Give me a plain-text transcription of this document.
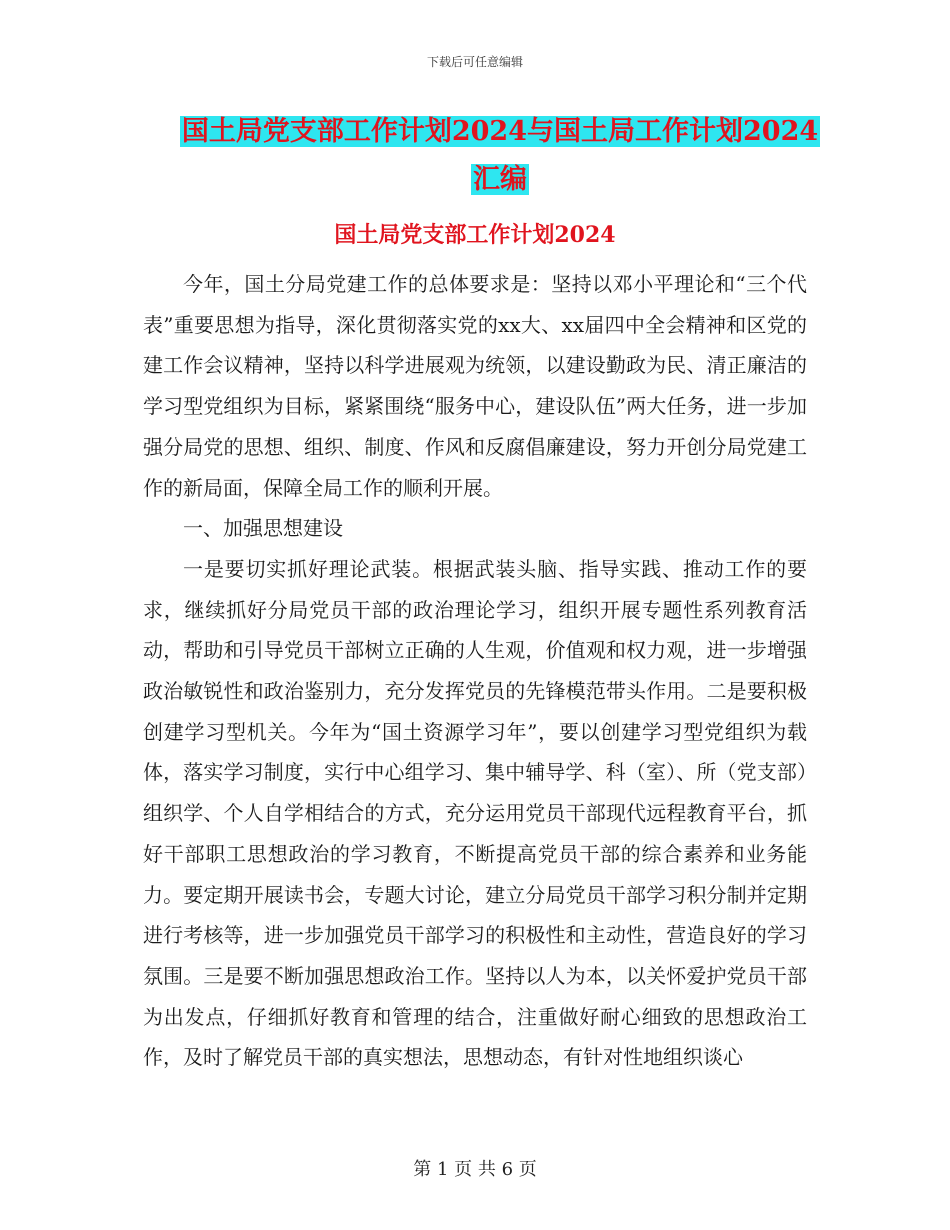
下载后可任意编辑
国土局党支部工作计划2024与国土局工作计划2024
汇编
国土局党支部工作计划2024

今年，国土分局党建工作的总体要求是：坚持以邓小平理论和“三个代表”重要思想为指导，深化贯彻落实党的xx大、xx届四中全会精神和区党的建工作会议精神，坚持以科学进展观为统领，以建设勤政为民、清正廉洁的学习型党组织为目标，紧紧围绕“服务中心，建设队伍”两大任务，进一步加强分局党的思想、组织、制度、作风和反腐倡廉建设，努力开创分局党建工作的新局面，保障全局工作的顺利开展。

一、加强思想建设

一是要切实抓好理论武装。根据武装头脑、指导实践、推动工作的要求，继续抓好分局党员干部的政治理论学习，组织开展专题性系列教育活动，帮助和引导党员干部树立正确的人生观，价值观和权力观，进一步增强政治敏锐性和政治鉴别力，充分发挥党员的先锋模范带头作用。二是要积极创建学习型机关。今年为“国土资源学习年”，要以创建学习型党组织为载体，落实学习制度，实行中心组学习、集中辅导学、科（室）、所（党支部）组织学、个人自学相结合的方式，充分运用党员干部现代远程教育平台，抓好干部职工思想政治的学习教育，不断提高党员干部的综合素养和业务能力。要定期开展读书会，专题大讨论，建立分局党员干部学习积分制并定期进行考核等，进一步加强党员干部学习的积极性和主动性，营造良好的学习氛围。三是要不断加强思想政治工作。坚持以人为本，以关怀爱护党员干部为出发点，仔细抓好教育和管理的结合，注重做好耐心细致的思想政治工作，及时了解党员干部的真实想法，思想动态，有针对性地组织谈心

第 1 页 共 6 页
